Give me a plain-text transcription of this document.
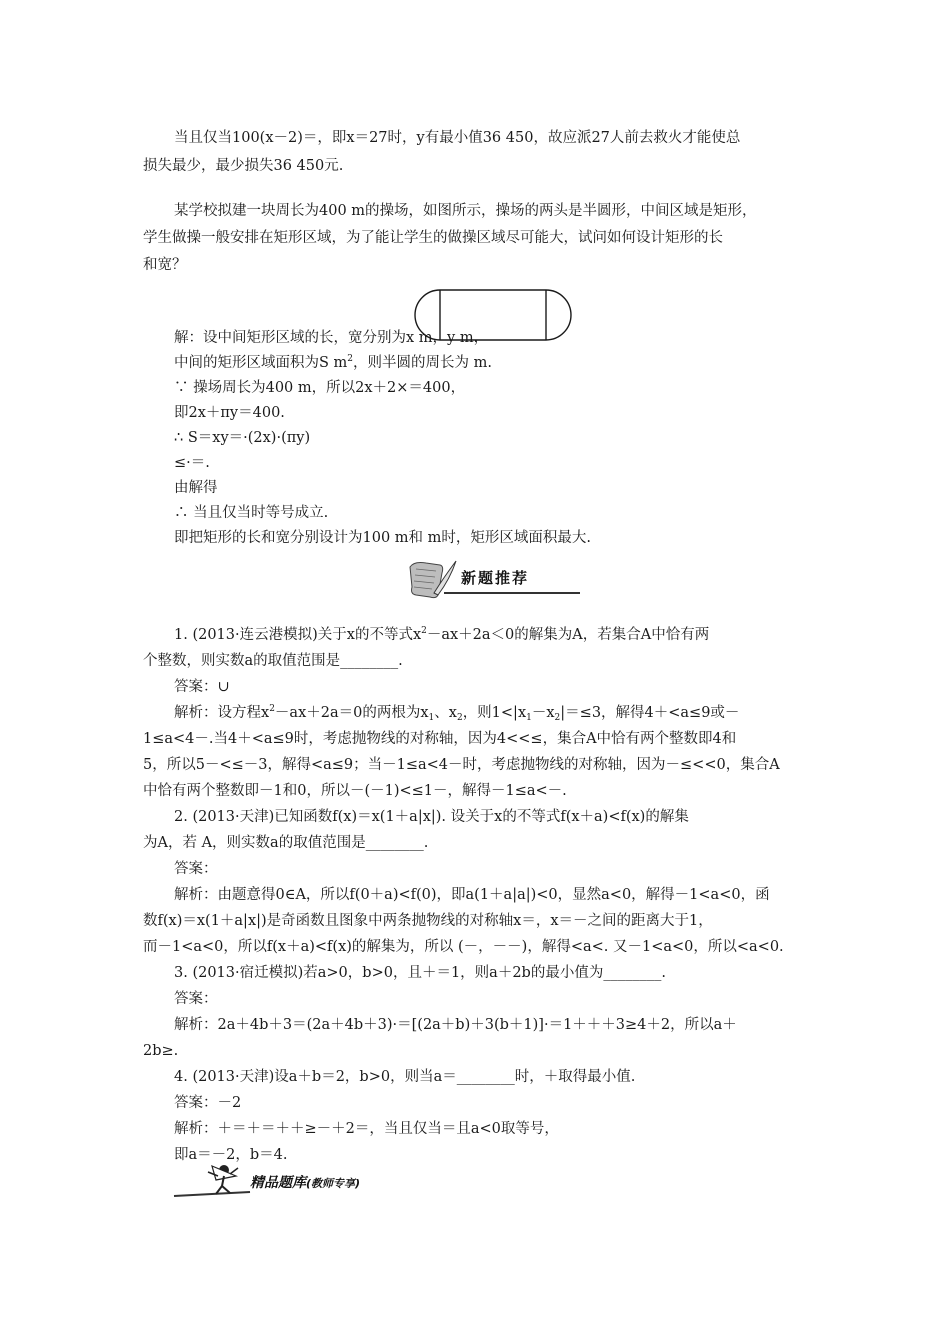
当且仅当100(x－2)＝，即x＝27时，y有最小值36 450，故应派27人前去救火才能使总
损失最少，最少损失36 450元.
某学校拟建一块周长为400 m的操场，如图所示，操场的两头是半圆形，中间区域是矩形，
学生做操一般安排在矩形区域，为了能让学生的做操区域尽可能大，试问如何设计矩形的长
和宽？
解：设中间矩形区域的长，宽分别为x m，y m，
中间的矩形区域面积为S $m^2$，则半圆的周长为 m.
∵ 操场周长为400 m，所以2x＋2×＝400，
即2x＋πy＝400.
∴ S＝xy＝·(2x)·(πy)
≤·＝.
由解得
∴ 当且仅当时等号成立.
即把矩形的长和宽分别设计为100 m和 m时，矩形区域面积最大.
新题推荐
1. (2013·连云港模拟)关于x的不等式$x^2-ax+2a<0$的解集为A，若集合A中恰有两
个整数，则实数a的取值范围是________.
答案：∪
解析：设方程$x^2-ax+2a=0$的两根为$x_1$、$x_2$，则$1<|x_1-x_2|=\le 3$，解得4＋<a≤9或－
1≤a<4－.当4＋<a≤9时，考虑抛物线的对称轴，因为4<<≤，集合A中恰有两个整数即4和
5，所以5－<≤－3，解得<a≤9；当－1≤a<4－时，考虑抛物线的对称轴，因为－≤<<0，集合A
中恰有两个整数即－1和0，所以－(－1)<≤1－，解得－1≤a<－.
2. (2013·天津)已知函数f(x)＝x(1＋a|x|). 设关于x的不等式f(x＋a)<f(x)的解集
为A，若 A，则实数a的取值范围是________.
答案：
解析：由题意得0∈A，所以f(0＋a)<f(0)，即a(1＋a|a|)<0，显然a<0，解得－1<a<0，函
数f(x)＝x(1＋a|x|)是奇函数且图象中两条抛物线的对称轴x＝，x＝－之间的距离大于1，
而－1<a<0，所以f(x＋a)<f(x)的解集为，所以 (－，－－)，解得<a<. 又－1<a<0，所以<a<0.
3. (2013·宿迁模拟)若a>0，b>0，且＋＝1，则a＋2b的最小值为________.
答案：
解析：2a＋4b＋3＝(2a＋4b＋3)·＝[(2a＋b)＋3(b＋1)]·＝1＋＋＋3≥4＋2，所以a＋
2b≥.
4. (2013·天津)设a＋b＝2，b>0，则当a＝________时，＋取得最小值.
答案：－2
解析：＋＝＋＝＋＋≥－＋2＝，当且仅当＝且a<0取等号，
即a＝－2，b＝4.
精品题库(教师专享)
